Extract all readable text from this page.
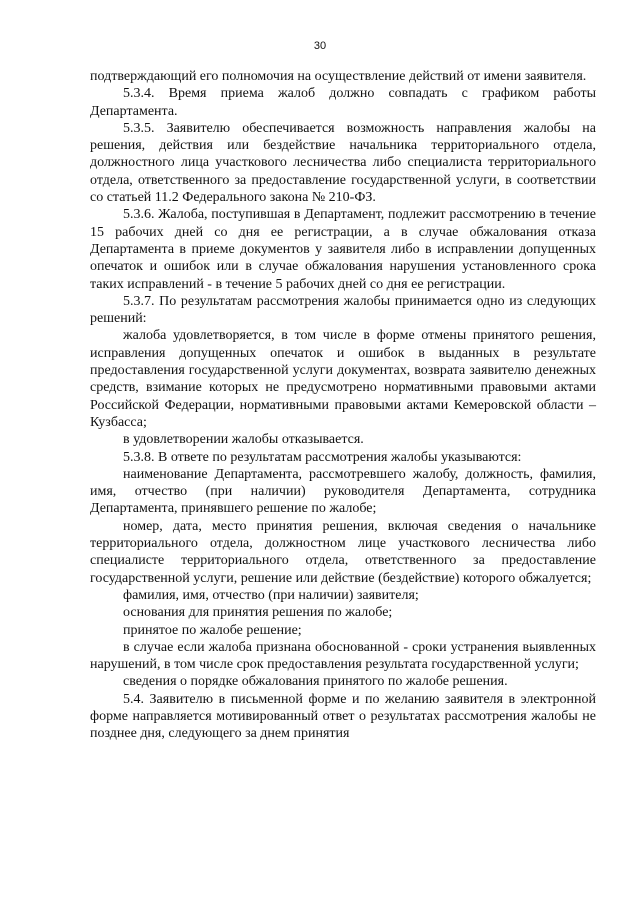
30

подтверждающий его полномочия на осуществление действий от имени заявителя.

5.3.4. Время приема жалоб должно совпадать с графиком работы Департамента.

5.3.5. Заявителю обеспечивается возможность направления жалобы на решения, действия или бездействие начальника территориального отдела, должностного лица участкового лесничества либо специалиста территориального отдела, ответственного за предоставление государственной услуги, в соответствии со статьей 11.2 Федерального закона № 210-ФЗ.

5.3.6. Жалоба, поступившая в Департамент, подлежит рассмотрению в течение 15 рабочих дней со дня ее регистрации, а в случае обжалования отказа Департамента в приеме документов у заявителя либо в исправлении допущенных опечаток и ошибок или в случае обжалования нарушения установленного срока таких исправлений - в течение 5 рабочих дней со дня ее регистрации.

5.3.7. По результатам рассмотрения жалобы принимается одно из следующих решений:

жалоба удовлетворяется, в том числе в форме отмены принятого решения, исправления допущенных опечаток и ошибок в выданных в результате предоставления государственной услуги документах, возврата заявителю денежных средств, взимание которых не предусмотрено нормативными правовыми актами Российской Федерации, нормативными правовыми актами Кемеровской области – Кузбасса;

в удовлетворении жалобы отказывается.

5.3.8. В ответе по результатам рассмотрения жалобы указываются:

наименование Департамента, рассмотревшего жалобу, должность, фамилия, имя, отчество (при наличии) руководителя Департамента, сотрудника Департамента, принявшего решение по жалобе;

номер, дата, место принятия решения, включая сведения о начальнике территориального отдела, должностном лице участкового лесничества либо специалисте территориального отдела, ответственного за предоставление государственной услуги, решение или действие (бездействие) которого обжалуется;

фамилия, имя, отчество (при наличии) заявителя;

основания для принятия решения по жалобе;

принятое по жалобе решение;

в случае если жалоба признана обоснованной - сроки устранения выявленных нарушений, в том числе срок предоставления результата государственной услуги;

сведения о порядке обжалования принятого по жалобе решения.

5.4. Заявителю в письменной форме и по желанию заявителя в электронной форме направляется мотивированный ответ о результатах рассмотрения жалобы не позднее дня, следующего за днем принятия
